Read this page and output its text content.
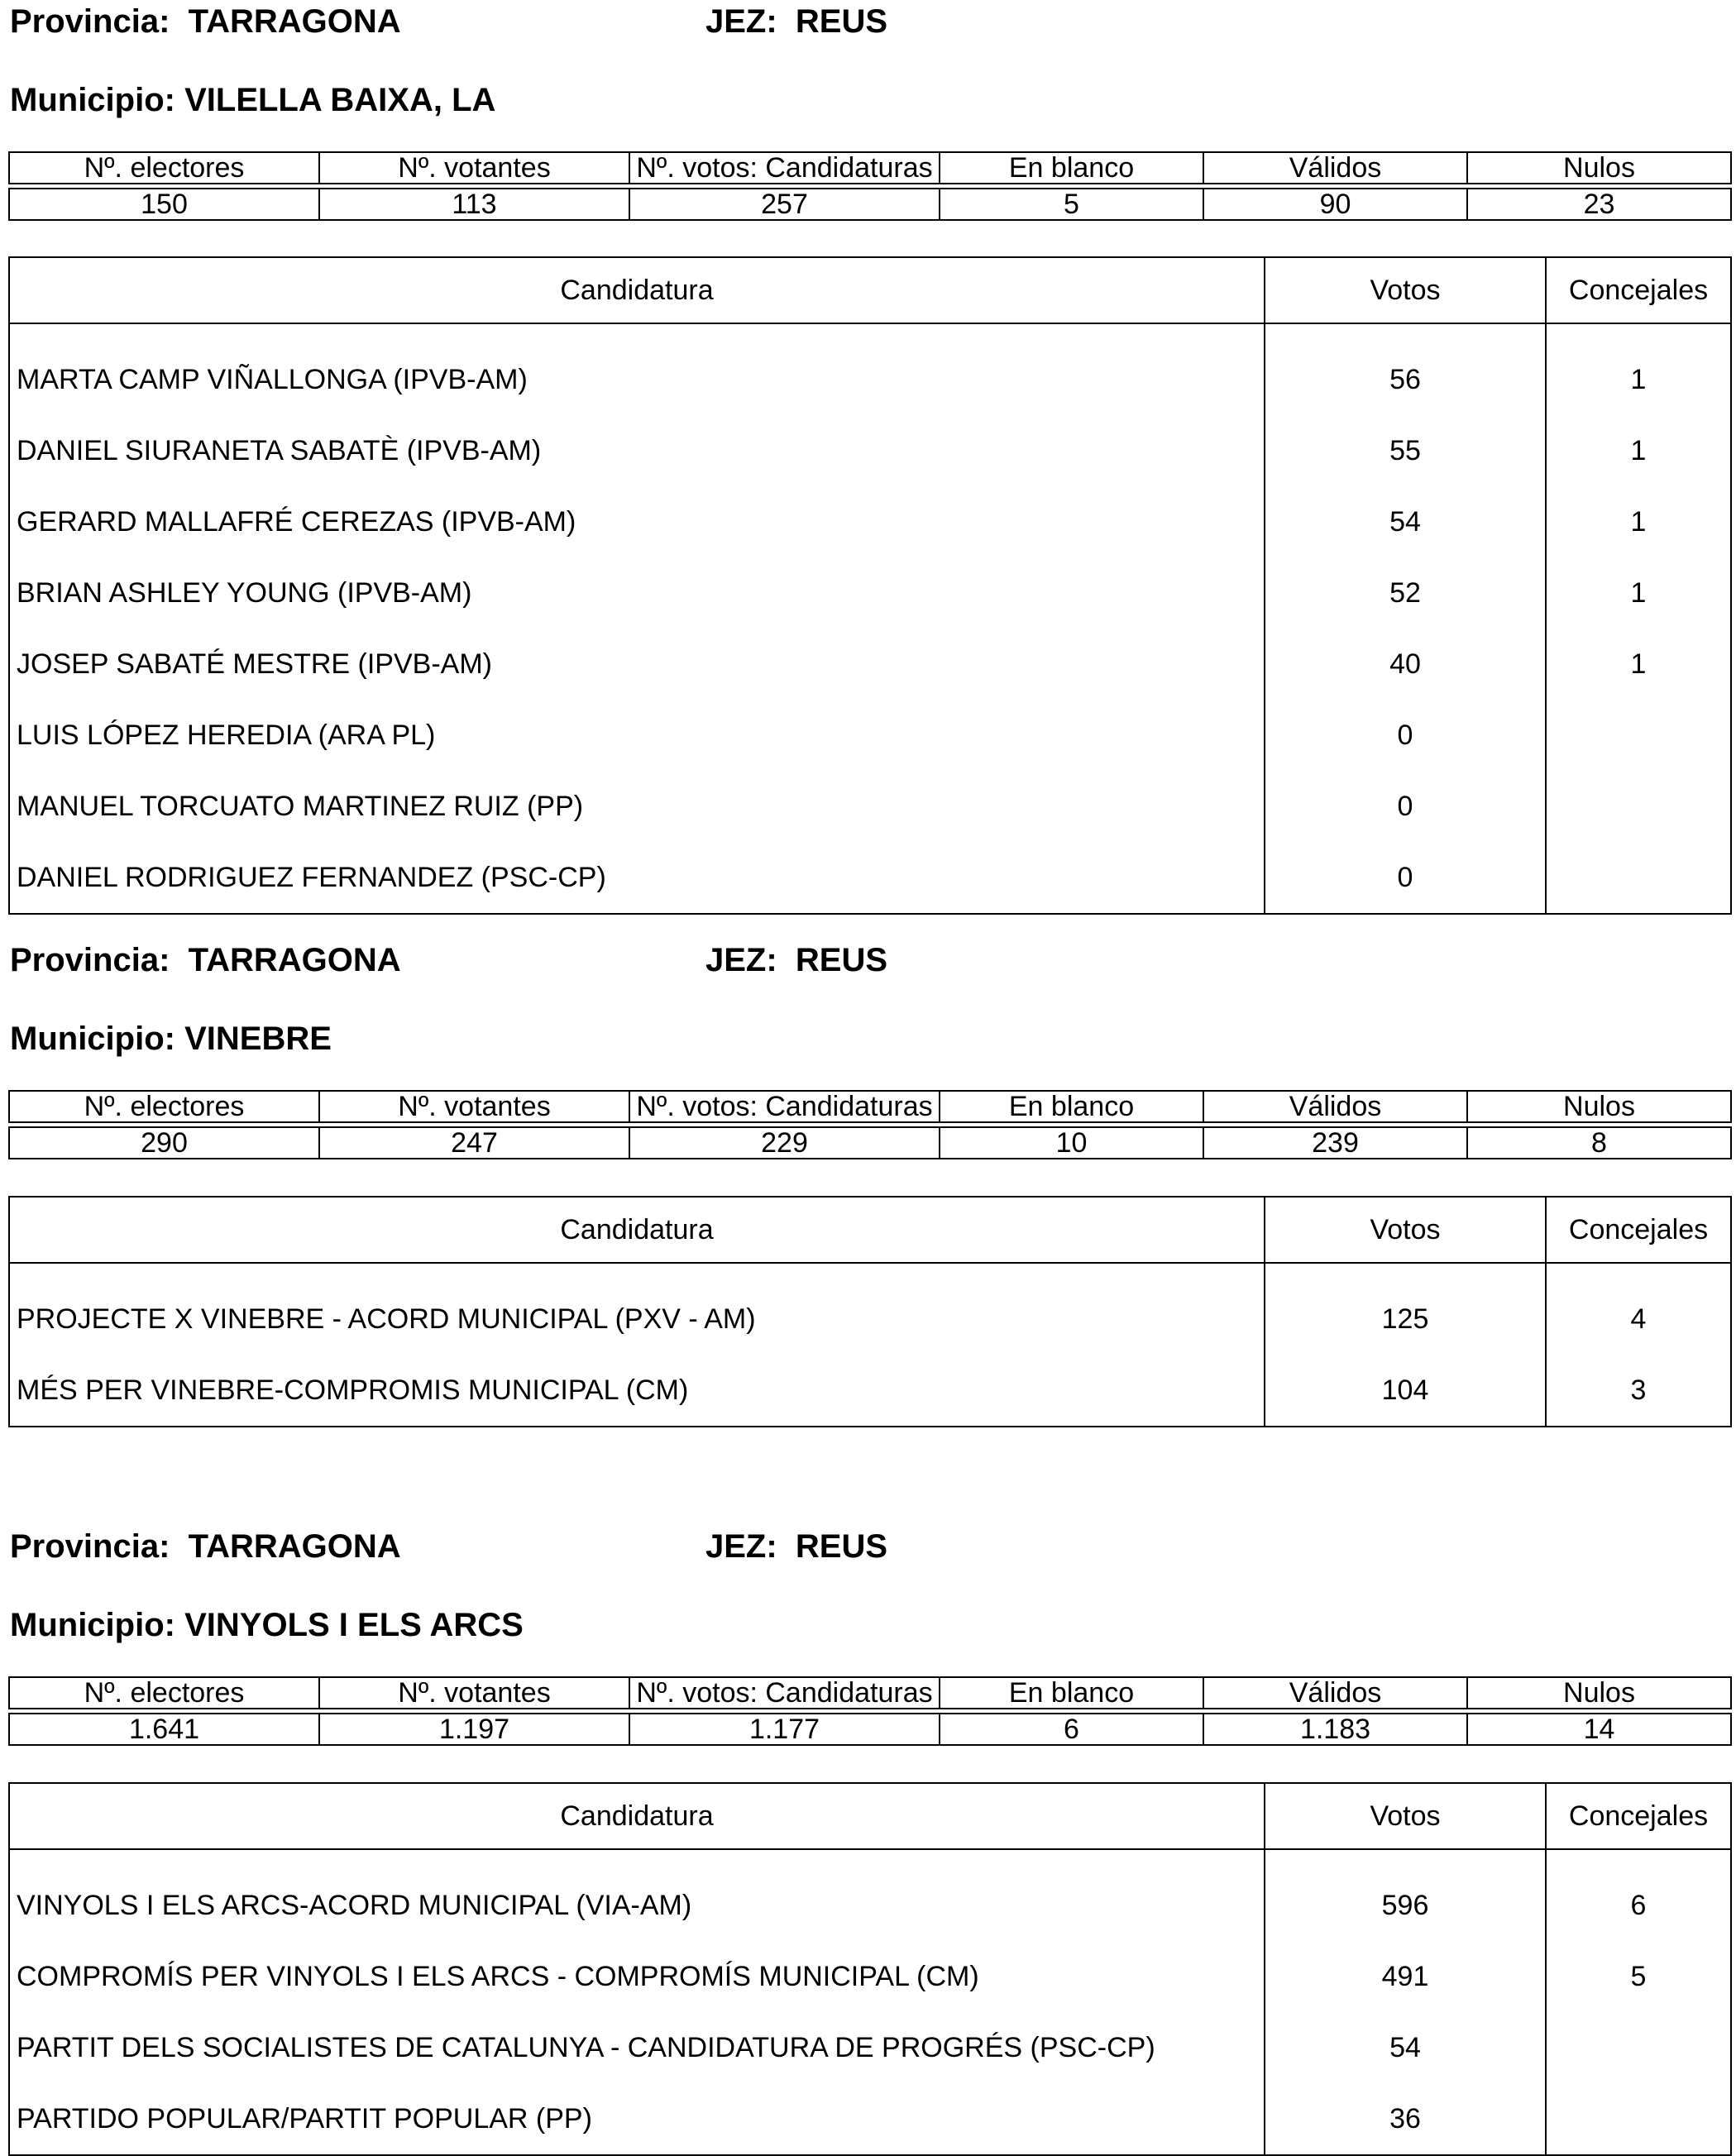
Provincia: TARRAGONA	JEZ: REUS
Municipio: VILELLA BAIXA, LA
Nº. electores	Nº. votantes	Nº. votos: Candidaturas	En blanco	Válidos	Nulos

150	113	257	5	90	23
Candidatura	Votos	Concejales

MARTA CAMP VIÑALLONGA (IPVB-AM)	56	1
DANIEL SIURANETA SABATÈ (IPVB-AM)	55	1
GERARD MALLAFRÉ CEREZAS (IPVB-AM)	54	1
BRIAN ASHLEY YOUNG (IPVB-AM)	52	1
JOSEP SABATÉ MESTRE (IPVB-AM)	40	1
LUIS LÓPEZ HEREDIA (ARA PL)	0	
MANUEL TORCUATO MARTINEZ RUIZ (PP)	0	
DANIEL RODRIGUEZ FERNANDEZ (PSC-CP)	0	
Provincia: TARRAGONA	JEZ: REUS
Municipio: VINEBRE
Nº. electores	Nº. votantes	Nº. votos: Candidaturas	En blanco	Válidos	Nulos

290	247	229	10	239	8
Candidatura	Votos	Concejales

PROJECTE X VINEBRE - ACORD MUNICIPAL (PXV - AM)	125	4
MÉS PER VINEBRE-COMPROMIS MUNICIPAL (CM)	104	3
Provincia: TARRAGONA	JEZ: REUS
Municipio: VINYOLS I ELS ARCS
Nº. electores	Nº. votantes	Nº. votos: Candidaturas	En blanco	Válidos	Nulos

1.641	1.197	1.177	6	1.183	14
Candidatura	Votos	Concejales

VINYOLS I ELS ARCS-ACORD MUNICIPAL (VIA-AM)	596	6
COMPROMÍS PER VINYOLS I ELS ARCS - COMPROMÍS MUNICIPAL (CM)	491	5
PARTIT DELS SOCIALISTES DE CATALUNYA - CANDIDATURA DE PROGRÉS (PSC-CP)	54	
PARTIDO POPULAR/PARTIT POPULAR (PP)	36	
